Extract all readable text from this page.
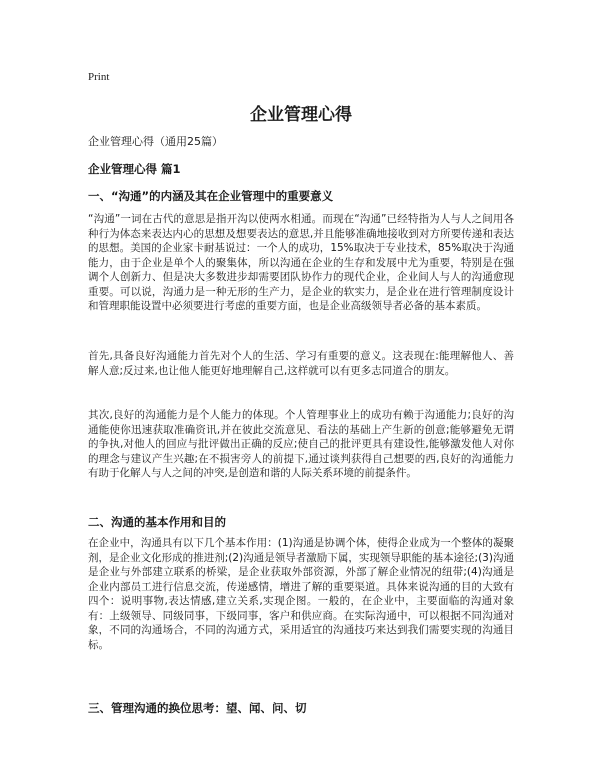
Print
企业管理心得

企业管理心得（通用25篇）

企业管理心得 篇1
一、“沟通”的内涵及其在企业管理中的重要意义

“沟通”一词在古代的意思是指开沟以使两水相通。而现在“沟通”已经特指为人与人之间用各种行为体态来表达内心的思想及想要表达的意思,并且能够准确地接收到对方所要传递和表达的思想。美国的企业家卡耐基说过：一个人的成功，15%取决于专业技术，85%取决于沟通能力，由于企业是单个人的聚集体，所以沟通在企业的生存和发展中尤为重要，特别是在强调个人创新力、但是决大多数进步却需要团队协作力的现代企业，企业间人与人的沟通愈现重要。可以说，沟通力是一种无形的生产力，是企业的软实力，是企业在进行管理制度设计和管理职能设置中必须要进行考虑的重要方面，也是企业高级领导者必备的基本素质。

首先,具备良好沟通能力首先对个人的生活、学习有重要的意义。这表现在:能理解他人、善解人意;反过来,也让他人能更好地理解自己,这样就可以有更多志同道合的朋友。

其次,良好的沟通能力是个人能力的体现。个人管理事业上的成功有赖于沟通能力;良好的沟通能使你迅速获取准确资讯,并在彼此交流意见、看法的基础上产生新的创意;能够避免无谓的争执,对他人的回应与批评做出正确的反应;使自己的批评更具有建设性,能够激发他人对你的理念与建议产生兴趣;在不损害旁人的前提下,通过谈判获得自己想要的西,良好的沟通能力有助于化解人与人之间的冲突,是创造和谐的人际关系环境的前提条件。

二、沟通的基本作用和目的

在企业中，沟通具有以下几个基本作用：(1)沟通是协调个体，使得企业成为一个整体的凝聚剂，是企业文化形成的推进剂;(2)沟通是领导者激励下属，实现领导职能的基本途径;(3)沟通是企业与外部建立联系的桥梁，是企业获取外部资源，外部了解企业情况的纽带;(4)沟通是企业内部员工进行信息交流，传递感情，增进了解的重要渠道。具体来说沟通的目的大致有四个：说明事物,表达情感,建立关系,实现企图。一般的，在企业中，主要面临的沟通对象有：上级领导、同级同事，下级同事，客户和供应商。在实际沟通中，可以根据不同沟通对象，不同的沟通场合，不同的沟通方式，采用适宜的沟通技巧来达到我们需要实现的沟通目标。

三、管理沟通的换位思考：望、闻、问、切
